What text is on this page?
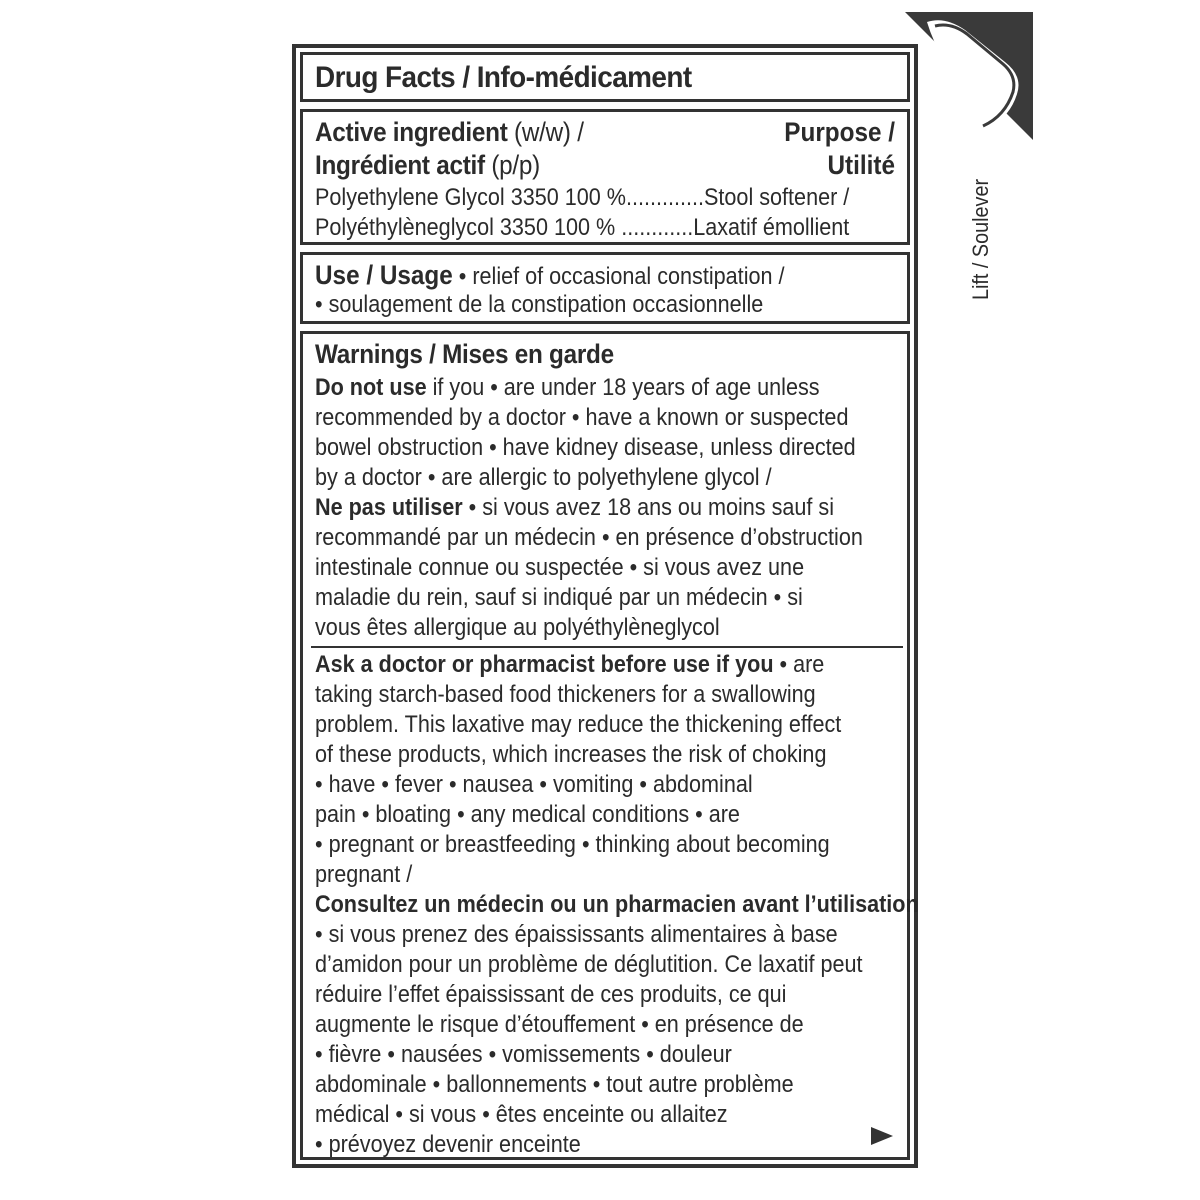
Drug Facts / Info-médicament
Active ingredient (w/w) /	Purpose /
Ingrédient actif (p/p)	Utilité
Polyethylene Glycol 3350 100 %.............Stool softener /
Polyéthylèneglycol 3350 100 % ............Laxatif émollient
Use / Usage • relief of occasional constipation /
• soulagement de la constipation occasionnelle
Warnings / Mises en garde
Do not use if you • are under 18 years of age unless
recommended by a doctor • have a known or suspected
bowel obstruction • have kidney disease, unless directed
by a doctor • are allergic to polyethylene glycol /
Ne pas utiliser • si vous avez 18 ans ou moins sauf si
recommandé par un médecin • en présence d’obstruction
intestinale connue ou suspectée • si vous avez une
maladie du rein, sauf si indiqué par un médecin • si
vous êtes allergique au polyéthylèneglycol
Ask a doctor or pharmacist before use if you • are
taking starch-based food thickeners for a swallowing
problem. This laxative may reduce the thickening effect
of these products, which increases the risk of choking
• have • fever • nausea • vomiting • abdominal
pain • bloating • any medical conditions • are
• pregnant or breastfeeding • thinking about becoming
pregnant /
Consultez un médecin ou un pharmacien avant l’utilisation
• si vous prenez des épaississants alimentaires à base
d’amidon pour un problème de déglutition. Ce laxatif peut
réduire l’effet épaississant de ces produits, ce qui
augmente le risque d’étouffement • en présence de
• fièvre • nausées • vomissements • douleur
abdominale • ballonnements • tout autre problème
médical • si vous • êtes enceinte ou allaitez
• prévoyez devenir enceinte
Lift / Soulever
